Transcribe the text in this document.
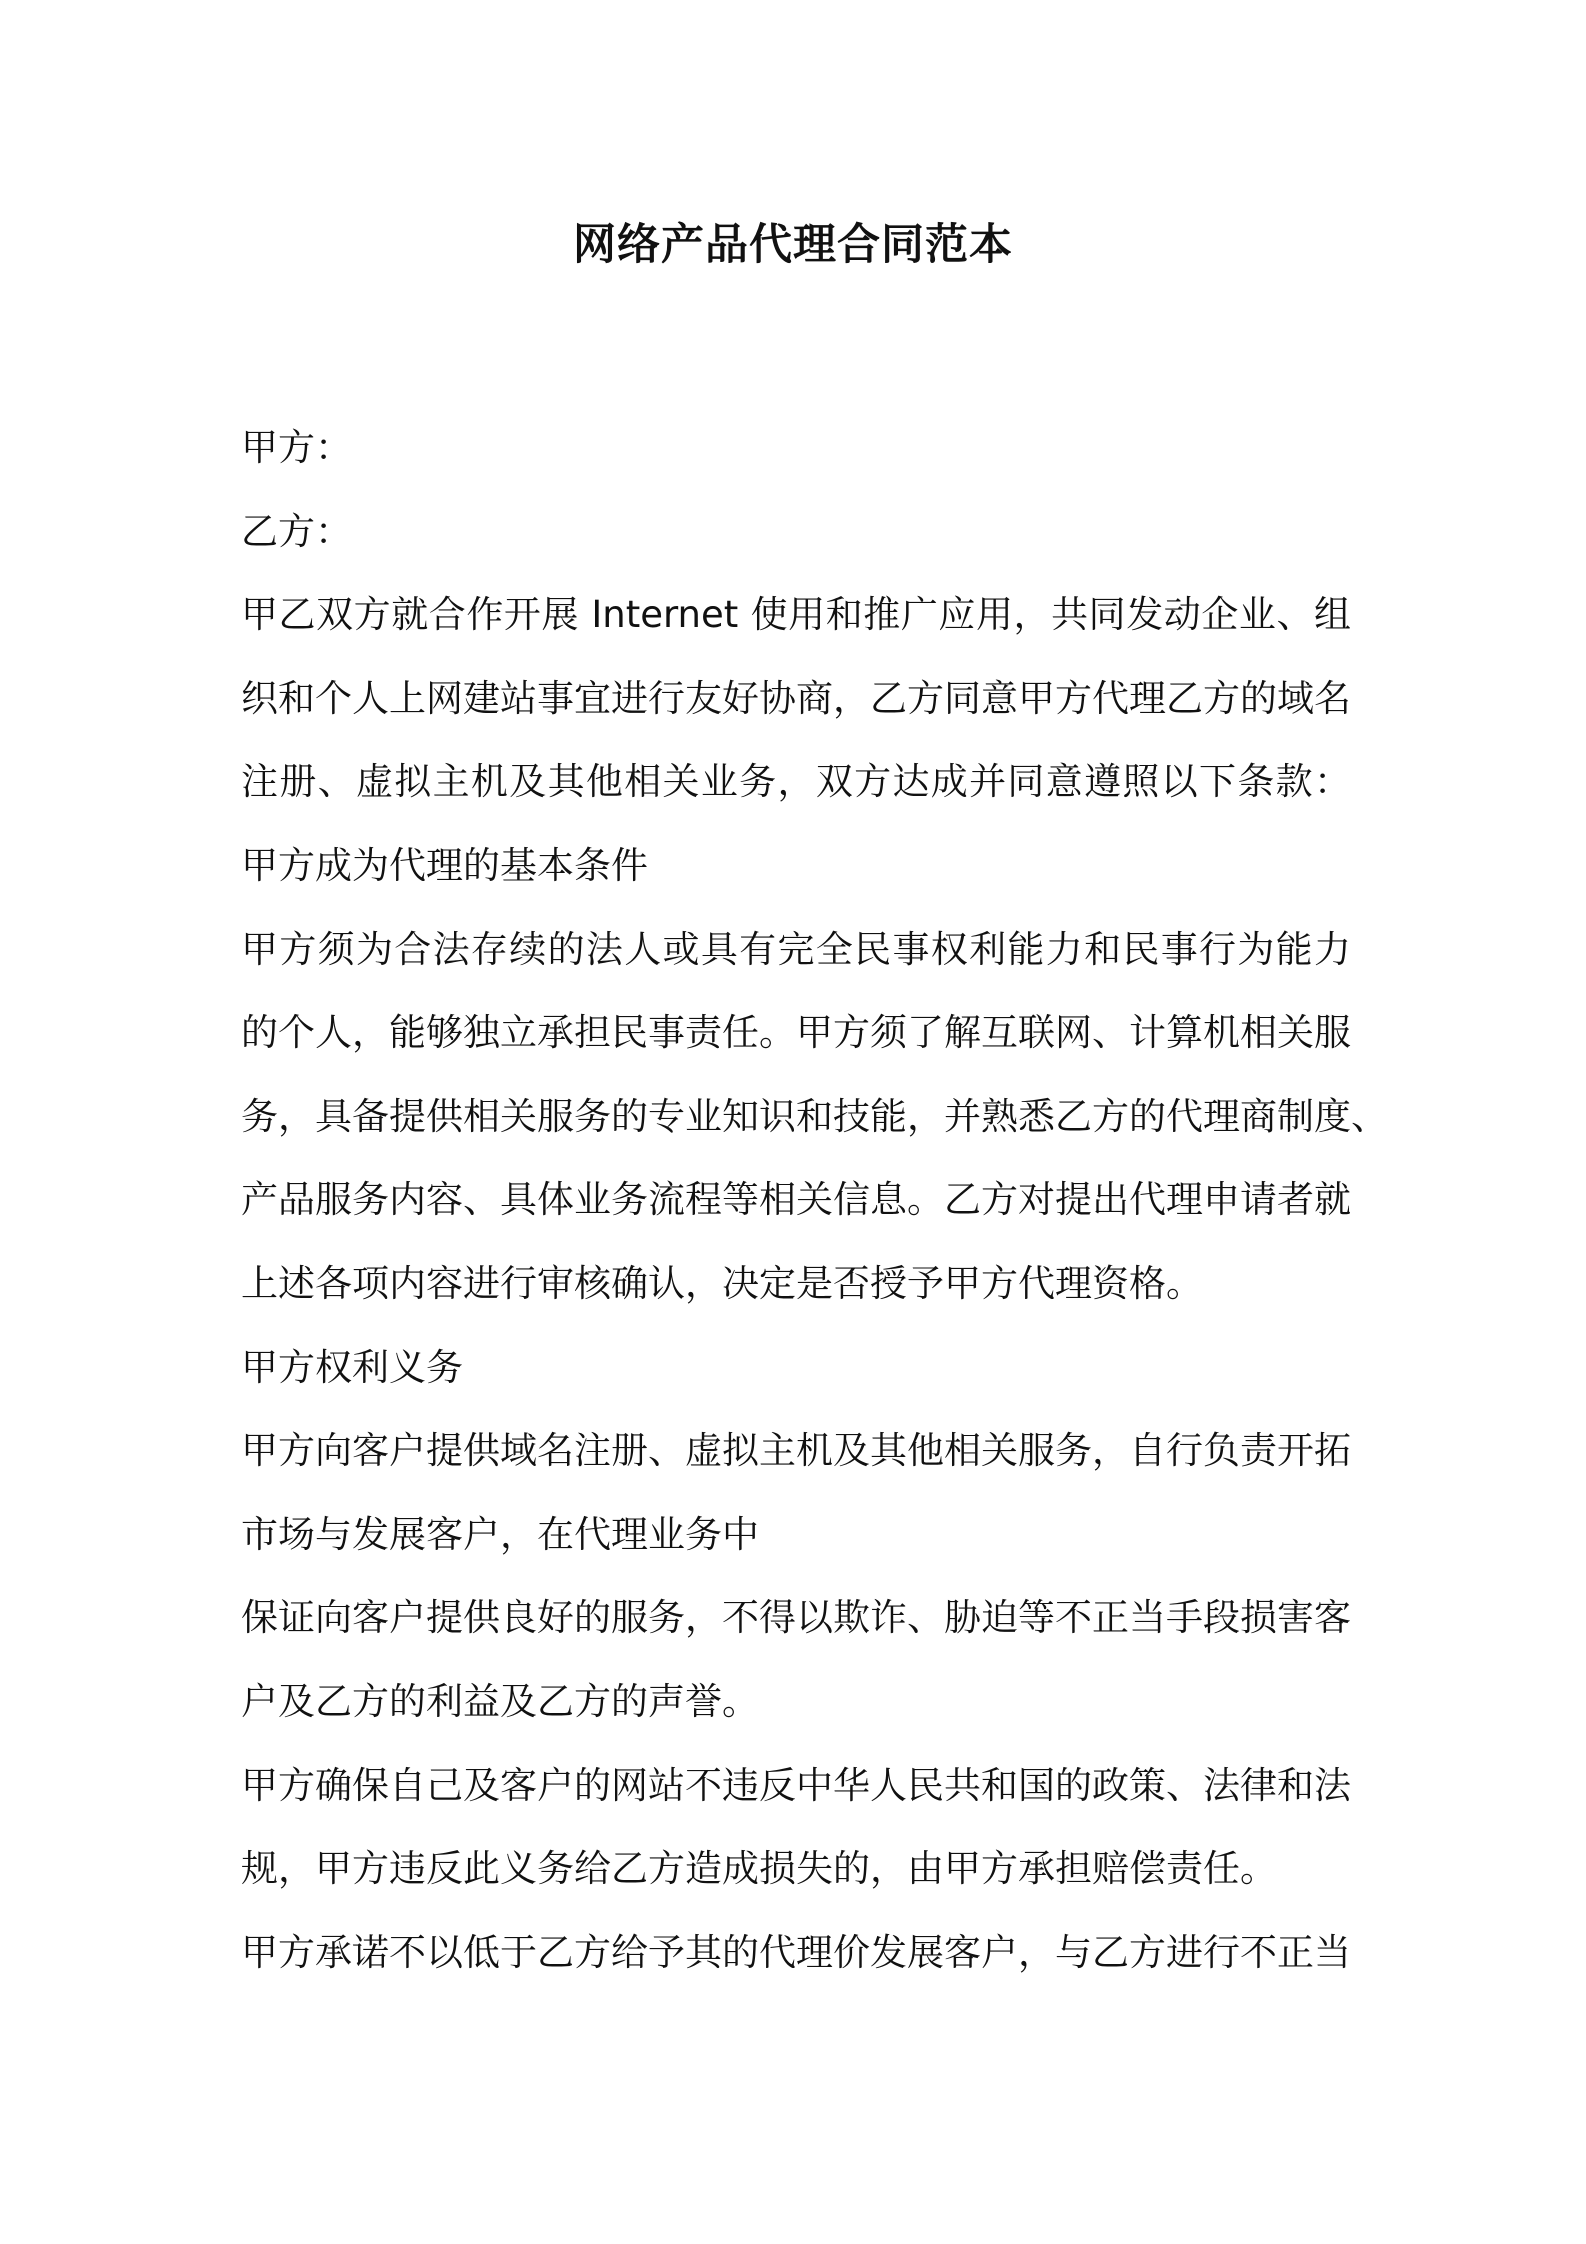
网络产品代理合同范本
甲方：
乙方：
甲乙双方就合作开展 Internet 使用和推广应用，共同发动企业、组
织和个人上网建站事宜进行友好协商，乙方同意甲方代理乙方的域名
注册、虚拟主机及其他相关业务，双方达成并同意遵照以下条款：
甲方成为代理的基本条件
甲方须为合法存续的法人或具有完全民事权利能力和民事行为能力
的个人，能够独立承担民事责任。甲方须了解互联网、计算机相关服
务，具备提供相关服务的专业知识和技能，并熟悉乙方的代理商制度、
产品服务内容、具体业务流程等相关信息。乙方对提出代理申请者就
上述各项内容进行审核确认，决定是否授予甲方代理资格。
甲方权利义务
甲方向客户提供域名注册、虚拟主机及其他相关服务，自行负责开拓
市场与发展客户，在代理业务中
保证向客户提供良好的服务，不得以欺诈、胁迫等不正当手段损害客
户及乙方的利益及乙方的声誉。
甲方确保自己及客户的网站不违反中华人民共和国的政策、法律和法
规，甲方违反此义务给乙方造成损失的，由甲方承担赔偿责任。
甲方承诺不以低于乙方给予其的代理价发展客户，与乙方进行不正当
